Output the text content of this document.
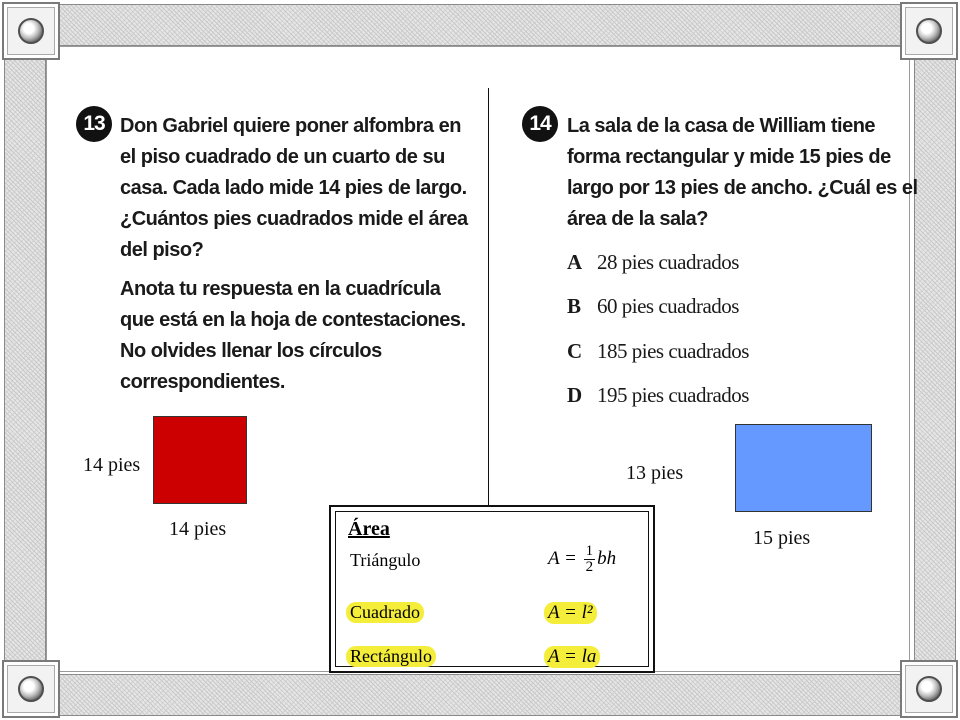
13 Don Gabriel quiere poner alfombra en
el piso cuadrado de un cuarto de su
casa. Cada lado mide 14 pies de largo.
¿Cuántos pies cuadrados mide el área
del piso?
Anota tu respuesta en la cuadrícula
que está en la hoja de contestaciones.
No olvides llenar los círculos
correspondientes.
14 La sala de la casa de William tiene
forma rectangular y mide 15 pies de
largo por 13 pies de ancho. ¿Cuál es el
área de la sala?
A 28 pies cuadrados
B 60 pies cuadrados
C 185 pies cuadrados
D 195 pies cuadrados
14 pies
14 pies
13 pies
15 pies
Área
Triángulo	$A = \frac{1}{2}$ bh
Cuadrado	A = l²
Rectángulo	A = la
